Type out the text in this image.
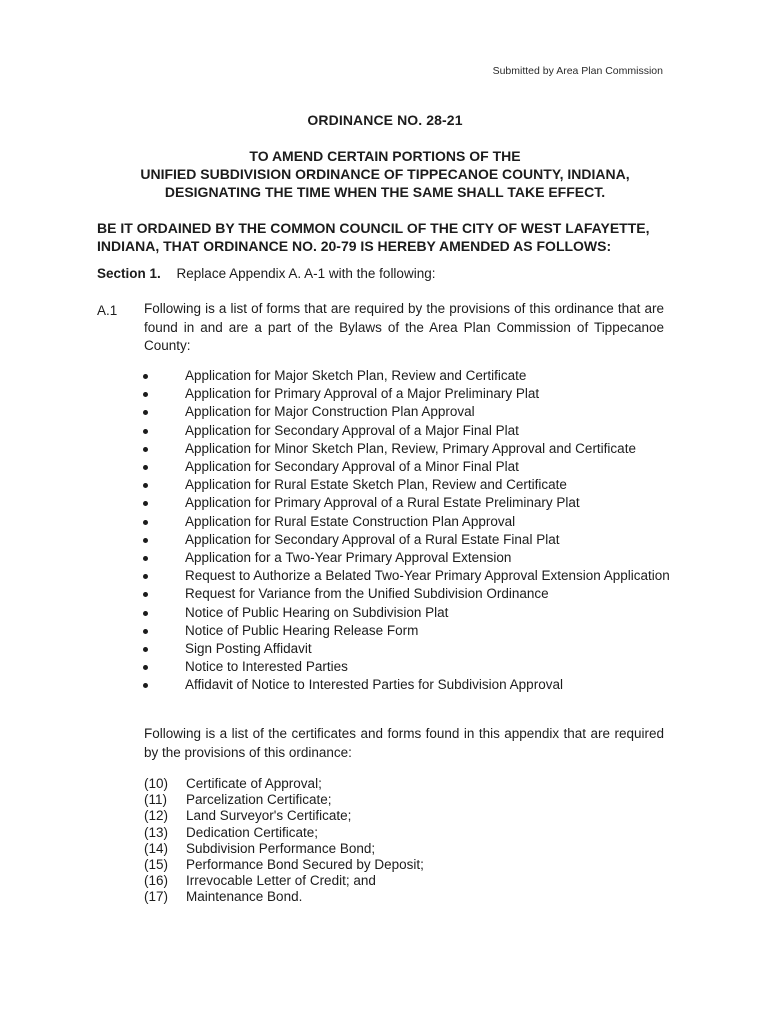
Submitted by Area Plan Commission
ORDINANCE NO. 28-21
TO AMEND CERTAIN PORTIONS OF THE
UNIFIED SUBDIVISION ORDINANCE OF TIPPECANOE COUNTY, INDIANA,
DESIGNATING THE TIME WHEN THE SAME SHALL TAKE EFFECT.
BE IT ORDAINED BY THE COMMON COUNCIL OF THE CITY OF WEST LAFAYETTE,
INDIANA, THAT ORDINANCE NO. 20-79 IS HEREBY AMENDED AS FOLLOWS:
Section 1. Replace Appendix A. A-1 with the following:
A.1 Following is a list of forms that are required by the provisions of this ordinance that are found in and are a part of the Bylaws of the Area Plan Commission of Tippecanoe County:
Application for Major Sketch Plan, Review and Certificate
Application for Primary Approval of a Major Preliminary Plat
Application for Major Construction Plan Approval
Application for Secondary Approval of a Major Final Plat
Application for Minor Sketch Plan, Review, Primary Approval and Certificate
Application for Secondary Approval of a Minor Final Plat
Application for Rural Estate Sketch Plan, Review and Certificate
Application for Primary Approval of a Rural Estate Preliminary Plat
Application for Rural Estate Construction Plan Approval
Application for Secondary Approval of a Rural Estate Final Plat
Application for a Two-Year Primary Approval Extension
Request to Authorize a Belated Two-Year Primary Approval Extension Application
Request for Variance from the Unified Subdivision Ordinance
Notice of Public Hearing on Subdivision Plat
Notice of Public Hearing Release Form
Sign Posting Affidavit
Notice to Interested Parties
Affidavit of Notice to Interested Parties for Subdivision Approval
Following is a list of the certificates and forms found in this appendix that are required by the provisions of this ordinance:
(10) Certificate of Approval;
(11) Parcelization Certificate;
(12) Land Surveyor's Certificate;
(13) Dedication Certificate;
(14) Subdivision Performance Bond;
(15) Performance Bond Secured by Deposit;
(16) Irrevocable Letter of Credit; and
(17) Maintenance Bond.
